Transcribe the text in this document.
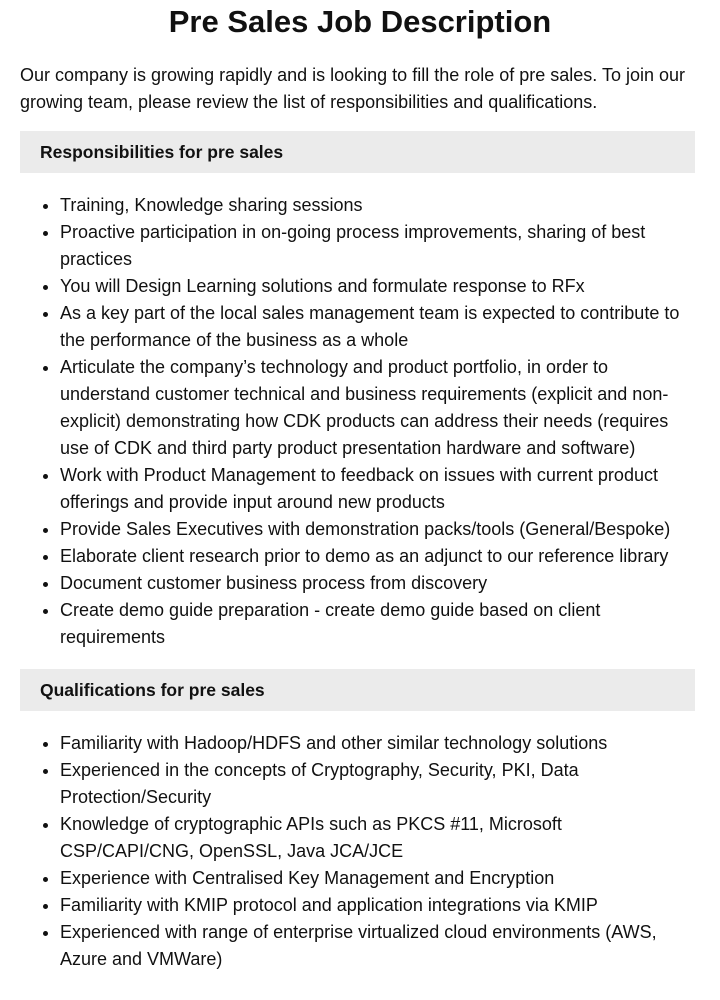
Pre Sales Job Description

Our company is growing rapidly and is looking to fill the role of pre sales. To join our growing team, please review the list of responsibilities and qualifications.

Responsibilities for pre sales
• Training, Knowledge sharing sessions
• Proactive participation in on-going process improvements, sharing of best practices
• You will Design Learning solutions and formulate response to RFx
• As a key part of the local sales management team is expected to contribute to the performance of the business as a whole
• Articulate the company’s technology and product portfolio, in order to understand customer technical and business requirements (explicit and non-explicit) demonstrating how CDK products can address their needs (requires use of CDK and third party product presentation hardware and software)
• Work with Product Management to feedback on issues with current product offerings and provide input around new products
• Provide Sales Executives with demonstration packs/tools (General/Bespoke)
• Elaborate client research prior to demo as an adjunct to our reference library
• Document customer business process from discovery
• Create demo guide preparation - create demo guide based on client requirements
Qualifications for pre sales
• Familiarity with Hadoop/HDFS and other similar technology solutions
• Experienced in the concepts of Cryptography, Security, PKI, Data Protection/Security
• Knowledge of cryptographic APIs such as PKCS #11, Microsoft CSP/CAPI/CNG, OpenSSL, Java JCA/JCE
• Experience with Centralised Key Management and Encryption
• Familiarity with KMIP protocol and application integrations via KMIP
• Experienced with range of enterprise virtualized cloud environments (AWS, Azure and VMWare)
